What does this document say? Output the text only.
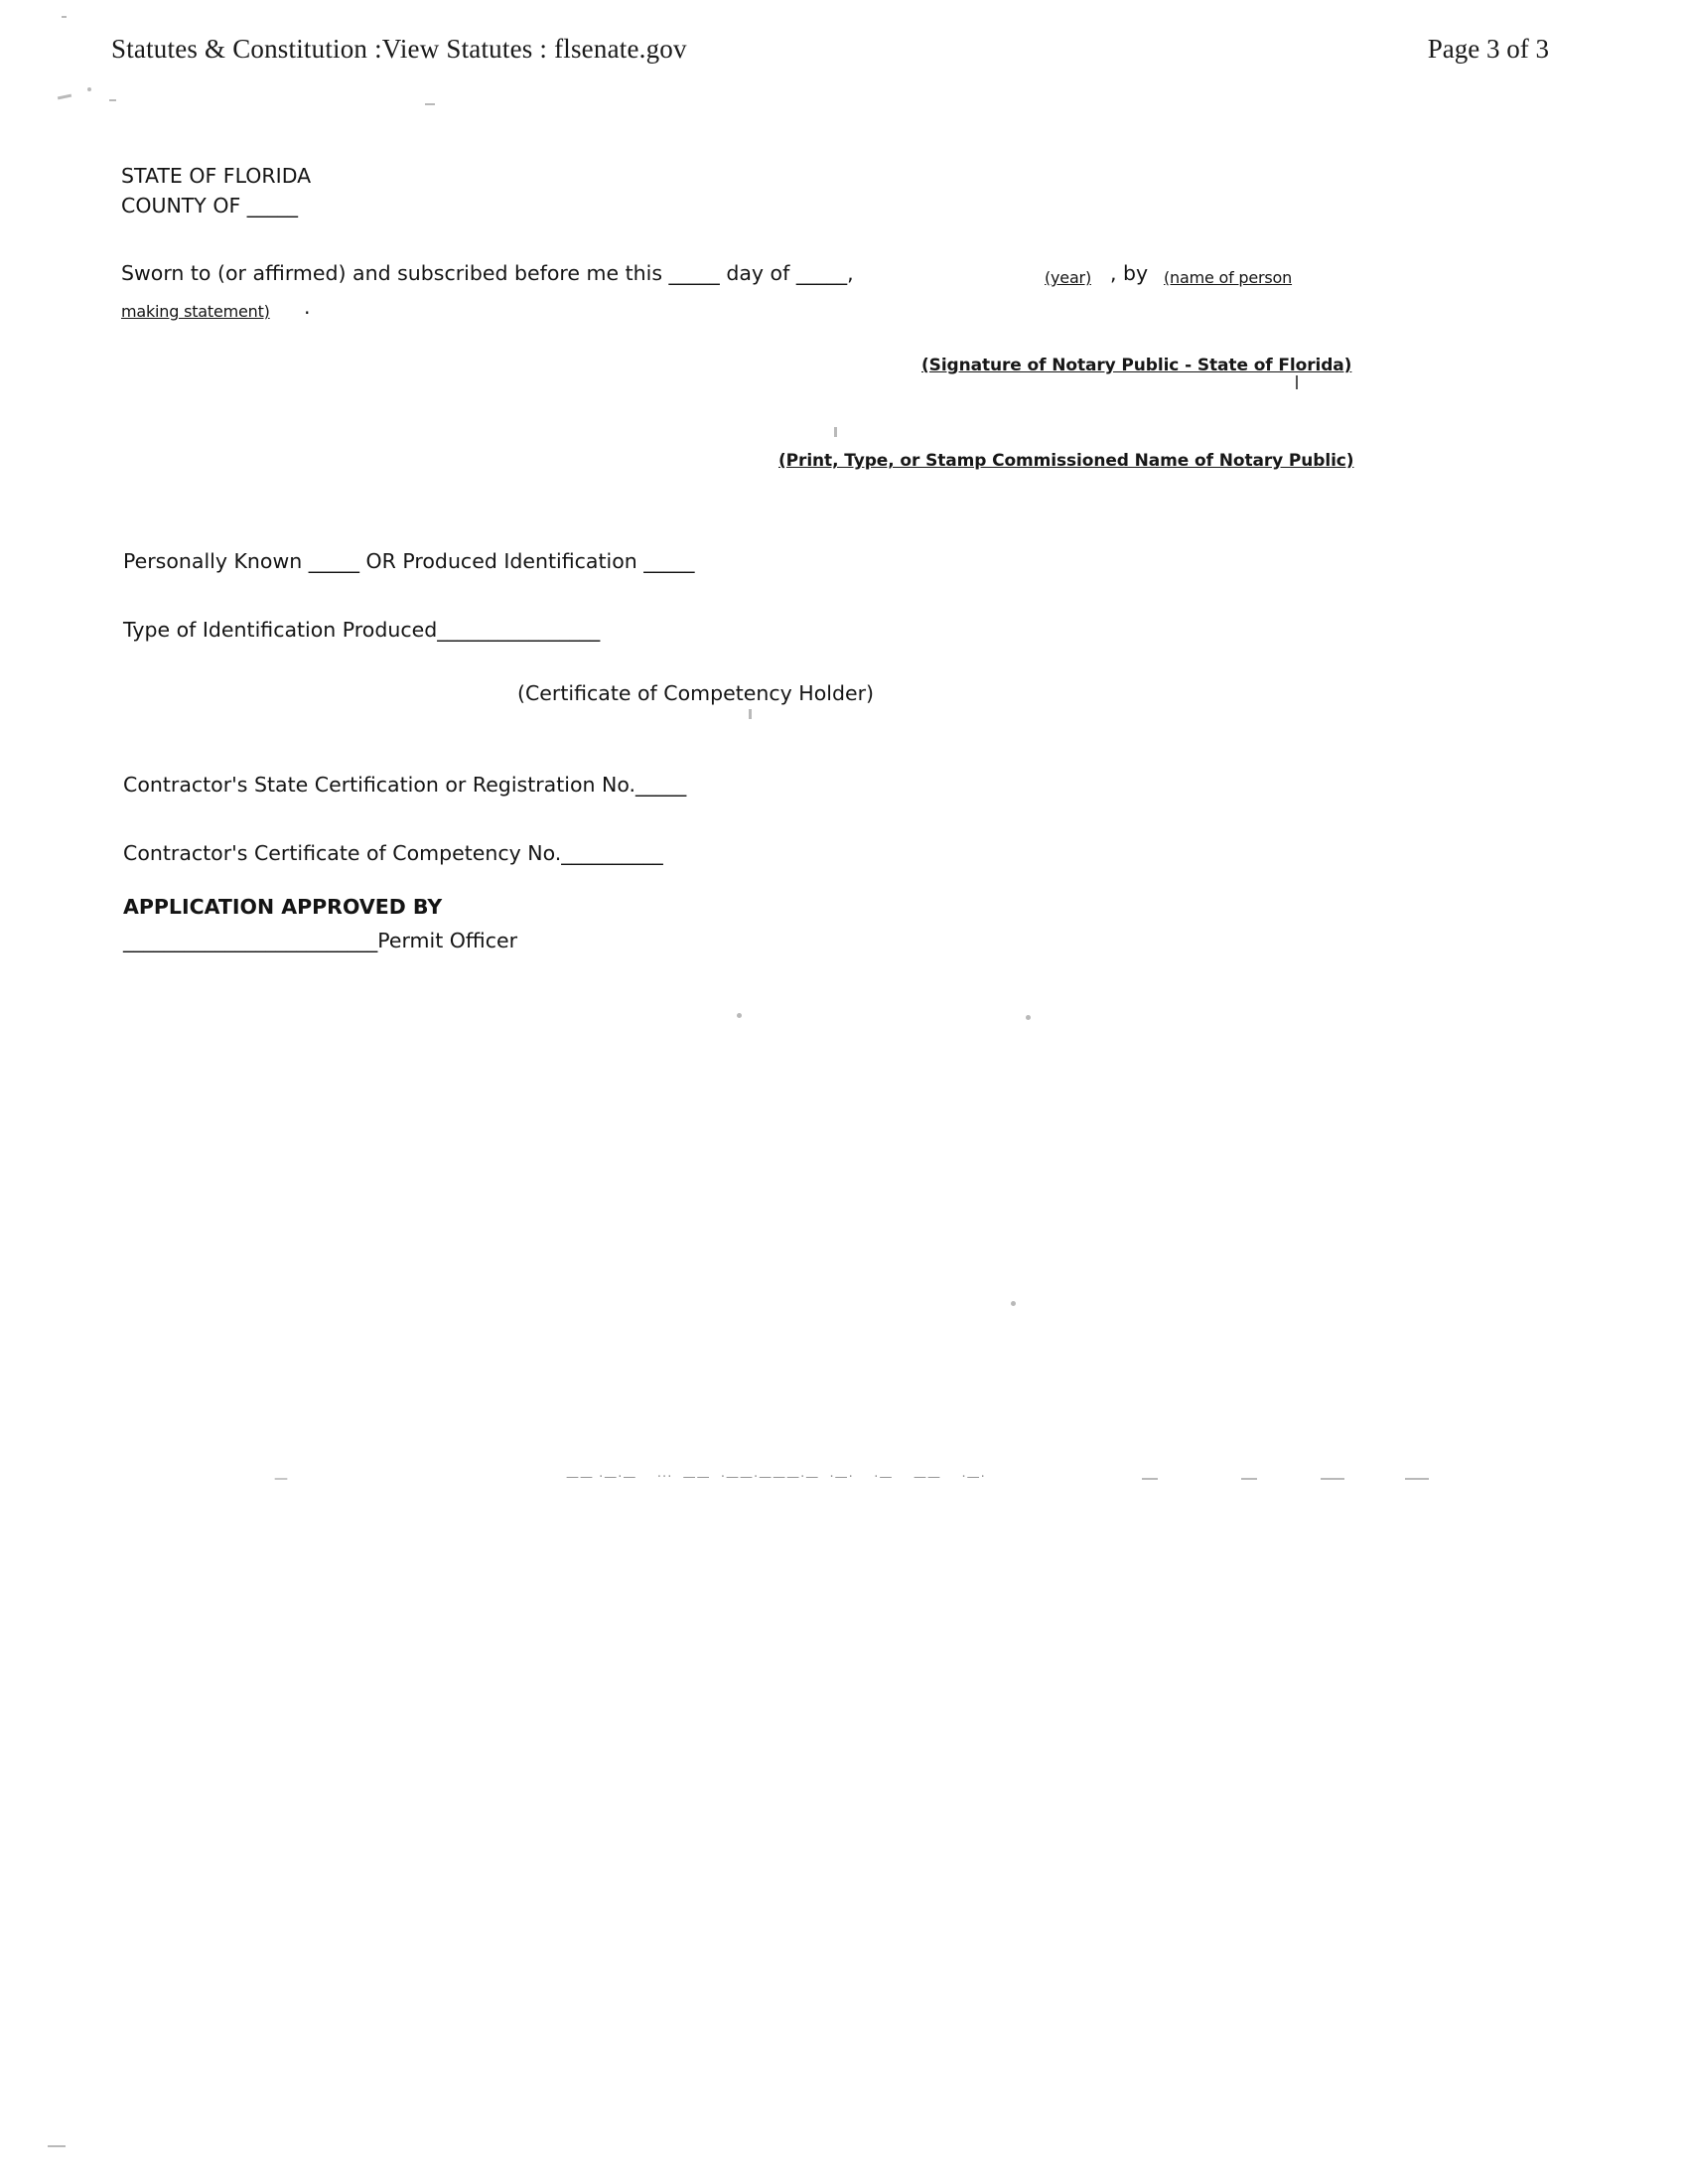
Statutes & Constitution :View Statutes : flsenate.gov	Page 3 of 3
STATE OF FLORIDA
COUNTY OF _____
Sworn to (or affirmed) and subscribed before me this _____ day of _____,	(year) , by (name of person
making statement) .
(Signature of Notary Public - State of Florida)
(Print, Type, or Stamp Commissioned Name of Notary Public)
Personally Known _____ OR Produced Identification _____
Type of Identification Produced________________
(Certificate of Competency Holder)
Contractor's State Certification or Registration No._____
Contractor's Certificate of Competency No.__________
APPLICATION APPROVED BY
_________________________Permit Officer
—— ·—·—    ···  ——  ·——·———·—  ·—·    ·—    ——    ·—·
—
